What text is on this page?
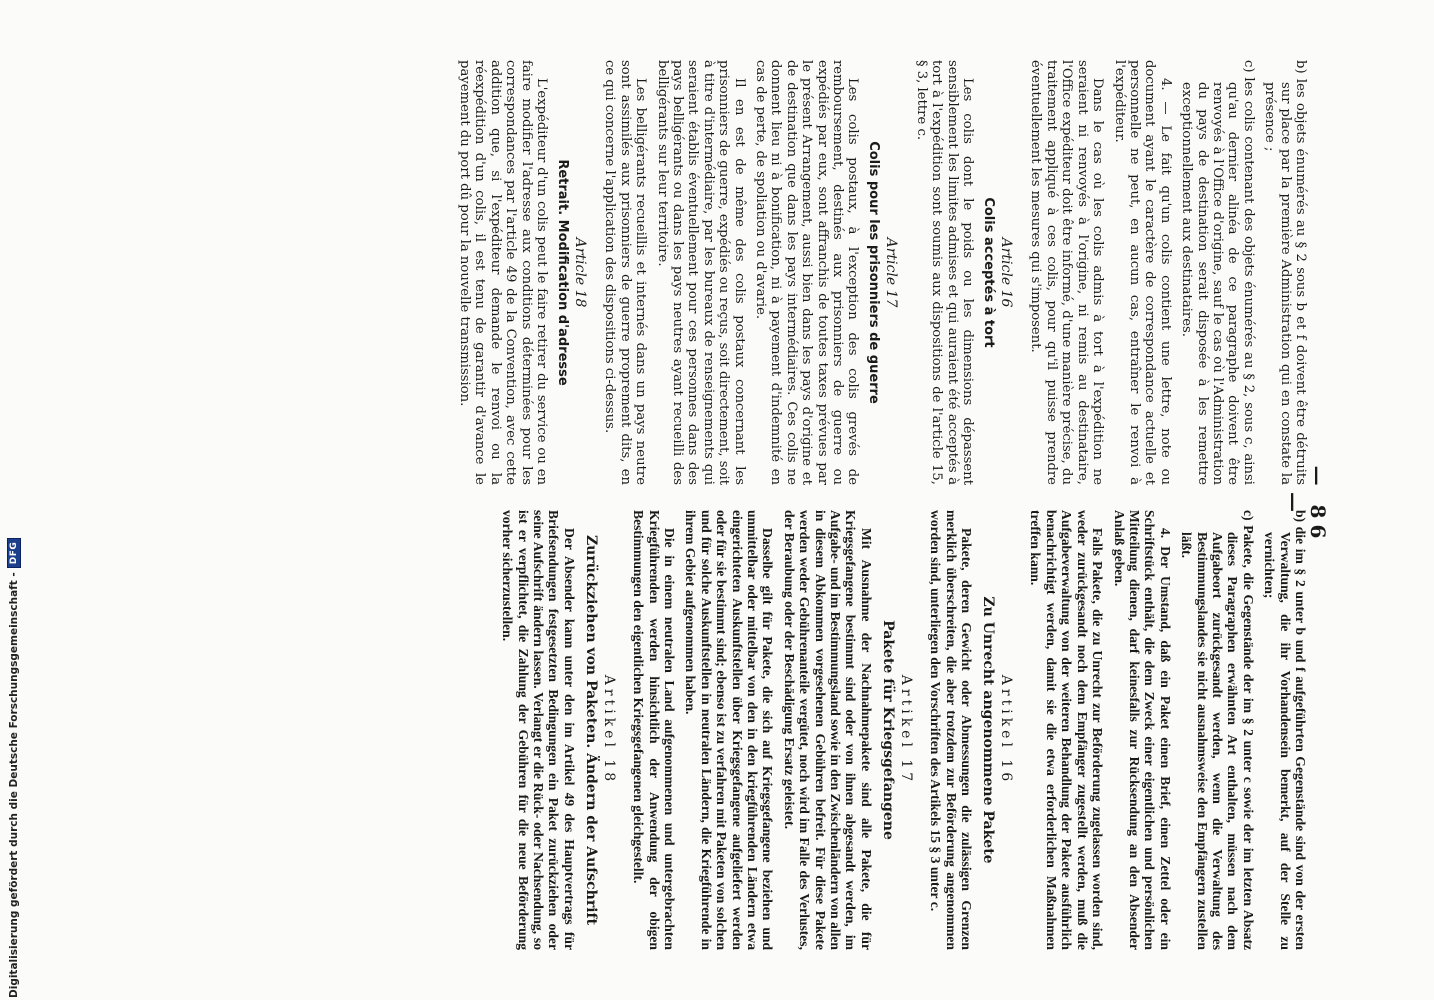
— 86 —
b) les objets énumérés au § 2 sous b et f doivent être détruits sur place par la première Administration qui en constate la présence ;
c) les colis contenant des objets énumérés au § 2, sous c, ainsi qu'au dernier alinéa de ce paragraphe doivent être renvoyés à l'Office d'origine, sauf le cas où l'Administration du pays de destination serait disposée à les remettre exceptionnellement aux destinataires.
4. — Le fait qu'un colis contient une lettre, note ou document ayant le caractère de correspondance actuelle et personnelle ne peut, en aucun cas, entraîner le renvoi à l'expéditeur.
Dans le cas où les colis admis à tort à l'expédition ne seraient ni renvoyés à l'origine, ni remis au destinataire, l'Office expéditeur doit être informé, d'une manière précise, du traitement appliqué à ces colis, pour qu'il puisse prendre éventuellement les mesures qui s'imposent.
Article 16
Colis acceptés à tort
Les colis dont le poids ou les dimensions dépassent sensiblement les limites admises et qui auraient été acceptés à tort à l'expédition sont soumis aux dispositions de l'article 15, § 3, lettre c.
Article 17
Colis pour les prisonniers de guerre
Les colis postaux, à l'exception des colis grevés de remboursement, destinés aux prisonniers de guerre ou expédiés par eux, sont affranchis de toutes taxes prévues par le présent Arrangement, aussi bien dans les pays d'origine et de destination que dans les pays intermédiaires. Ces colis ne donnent lieu ni à bonification, ni à payement d'indemnité en cas de perte, de spoliation ou d'avarie.
Il en est de même des colis postaux concernant les prisonniers de guerre, expédiés ou reçus, soit directement, soit à titre d'intermédiaire, par les bureaux de renseignements qui seraient établis éventuellement pour ces personnes dans des pays belligérants ou dans les pays neutres ayant recueilli des belligérants sur leur territoire.
Les belligérants recueillis et internés dans un pays neutre sont assimilés aux prisonniers de guerre proprement dits, en ce qui concerne l'application des dispositions ci-dessus.
Article 18
Retrait. Modification d'adresse
L'expéditeur d'un colis peut le faire retirer du service ou en faire modifier l'adresse aux conditions déterminées pour les correspondances par l'article 49 de la Convention, avec cette addition que, si l'expéditeur demande le renvoi ou la réexpédition d'un colis, il est tenu de garantir d'avance le payement du port dû pour la nouvelle transmission.
b) die im § 2 unter b und f aufgeführten Gegenstände sind von der ersten Verwaltung, die ihr Vorhandensein bemerkt, auf der Stelle zu vernichten;
c) Pakete, die Gegenstände der im § 2 unter c sowie der im letzten Absatz dieses Paragraphen erwähnten Art enthalten, müssen nach dem Aufgabeort zurückgesandt werden, wenn die Verwaltung des Bestimmungslandes sie nicht ausnahmsweise den Empfängern zustellen läßt.
4. Der Umstand, daß ein Paket einen Brief, einen Zettel oder ein Schriftstück enthält, die dem Zweck einer eigentlichen und persönlichen Mitteilung dienen, darf keinesfalls zur Rücksendung an den Absender Anlaß geben.
Falls Pakete, die zu Unrecht zur Beförderung zugelassen worden sind, weder zurückgesandt noch dem Empfänger zugestellt werden, muß die Aufgabeverwaltung von der weiteren Behandlung der Pakete ausführlich benachrichtigt werden, damit sie die etwa erforderlichen Maßnahmen treffen kann.
Artikel 16
Zu Unrecht angenommene Pakete
Pakete, deren Gewicht oder Abmessungen die zulässigen Grenzen merklich überschreiten, die aber trotzdem zur Beförderung angenommen worden sind, unterliegen den Vorschriften des Artikels 15 § 3 unter c.
Artikel 17
Pakete für Kriegsgefangene
Mit Ausnahme der Nachnahmepakete sind alle Pakete, die für Kriegsgefangene bestimmt sind oder von ihnen abgesandt werden, im Aufgabe- und im Bestimmungsland sowie in den Zwischenländern von allen in diesem Abkommen vorgesehenen Gebühren befreit. Für diese Pakete werden weder Gebührenanteile vergütet, noch wird im Falle des Verlustes, der Beraubung oder der Beschädigung Ersatz geleistet.
Dasselbe gilt für Pakete, die sich auf Kriegsgefangene beziehen und unmittelbar oder mittelbar von den in den kriegführenden Ländern etwa eingerichteten Auskunftstellen über Kriegsgefangene aufgeliefert werden oder für sie bestimmt sind; ebenso ist zu verfahren mit Paketen von solchen und für solche Auskunftstellen in neutralen Ländern, die Kriegführende in ihrem Gebiet aufgenommen haben.
Die in einem neutralen Land aufgenommenen und untergebrachten Kriegführenden werden hinsichtlich der Anwendung der obigen Bestimmungen den eigentlichen Kriegsgefangenen gleichgestellt.
Artikel 18
Zurückziehen von Paketen. Ändern der Aufschrift
Der Absender kann unter den im Artikel 49 des Hauptvertrags für Briefsendungen festgesetzten Bedingungen ein Paket zurückziehen oder seine Aufschrift ändern lassen. Verlangt er die Rück- oder Nachsendung, so ist er verpflichtet, die Zahlung der Gebühren für die neue Beförderung vorher sicherzustellen.
Digitalisierung gefördert durch die Deutsche Forschungsgemeinschaft -
DFG
